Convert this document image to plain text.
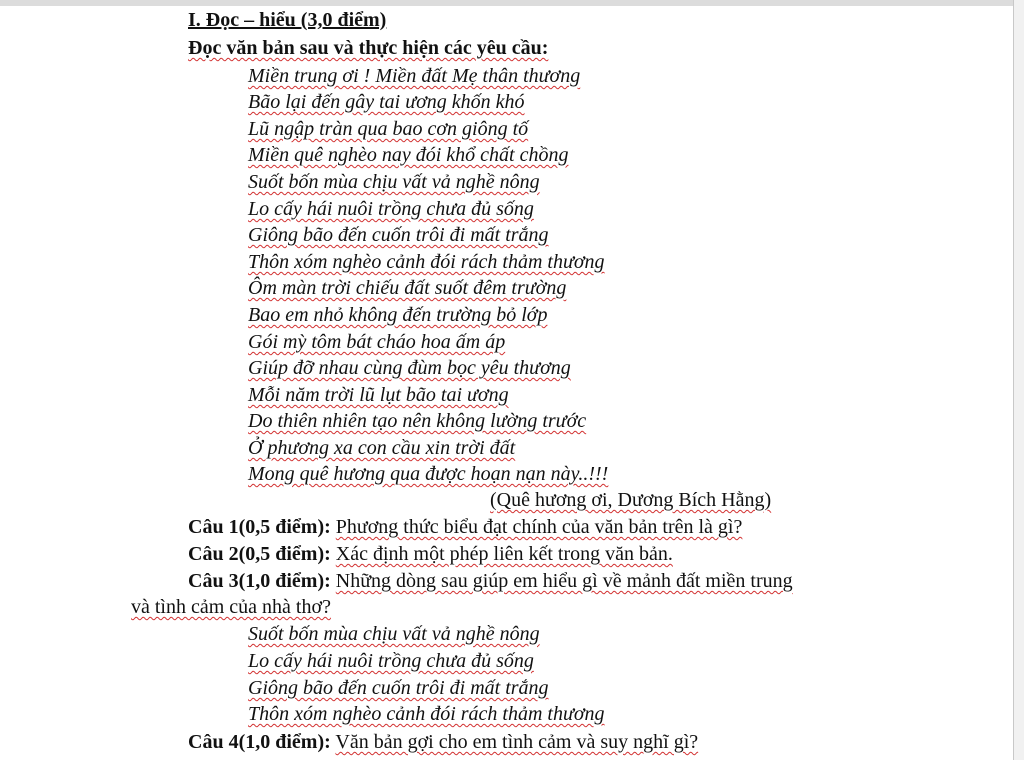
I. Đọc – hiểu (3,0 điểm)
Đọc văn bản sau và thực hiện các yêu cầu:
Miền trung ơi ! Miền đất Mẹ thân thương
Bão lại đến gây tai ương khốn khó
Lũ ngập tràn qua bao cơn giông tố
Miền quê nghèo nay đói khổ chất chồng
Suốt bốn mùa chịu vất vả nghề nông
Lo cấy hái nuôi trồng chưa đủ sống
Giông bão đến cuốn trôi đi mất trắng
Thôn xóm nghèo cảnh đói rách thảm thương
Ôm màn trời chiếu đất suốt đêm trường
Bao em nhỏ không đến trường bỏ lớp
Gói mỳ tôm bát cháo hoa ấm áp
Giúp đỡ nhau cùng đùm bọc yêu thương
Mỗi năm trời lũ lụt bão tai ương
Do thiên nhiên tạo nên không lường trước
Ở phương xa con cầu xin trời đất
Mong quê hương qua được hoạn nạn này..!!!
(Quê hương ơi, Dương Bích Hằng)
Câu 1(0,5 điểm): Phương thức biểu đạt chính của văn bản trên là gì?
Câu 2(0,5 điểm): Xác định một phép liên kết trong văn bản.
Câu 3(1,0 điểm): Những dòng sau giúp em hiểu gì về mảnh đất miền trung
và tình cảm của nhà thơ?
Suốt bốn mùa chịu vất vả nghề nông
Lo cấy hái nuôi trồng chưa đủ sống
Giông bão đến cuốn trôi đi mất trắng
Thôn xóm nghèo cảnh đói rách thảm thương
Câu 4(1,0 điểm): Văn bản gợi cho em tình cảm và suy nghĩ gì?
